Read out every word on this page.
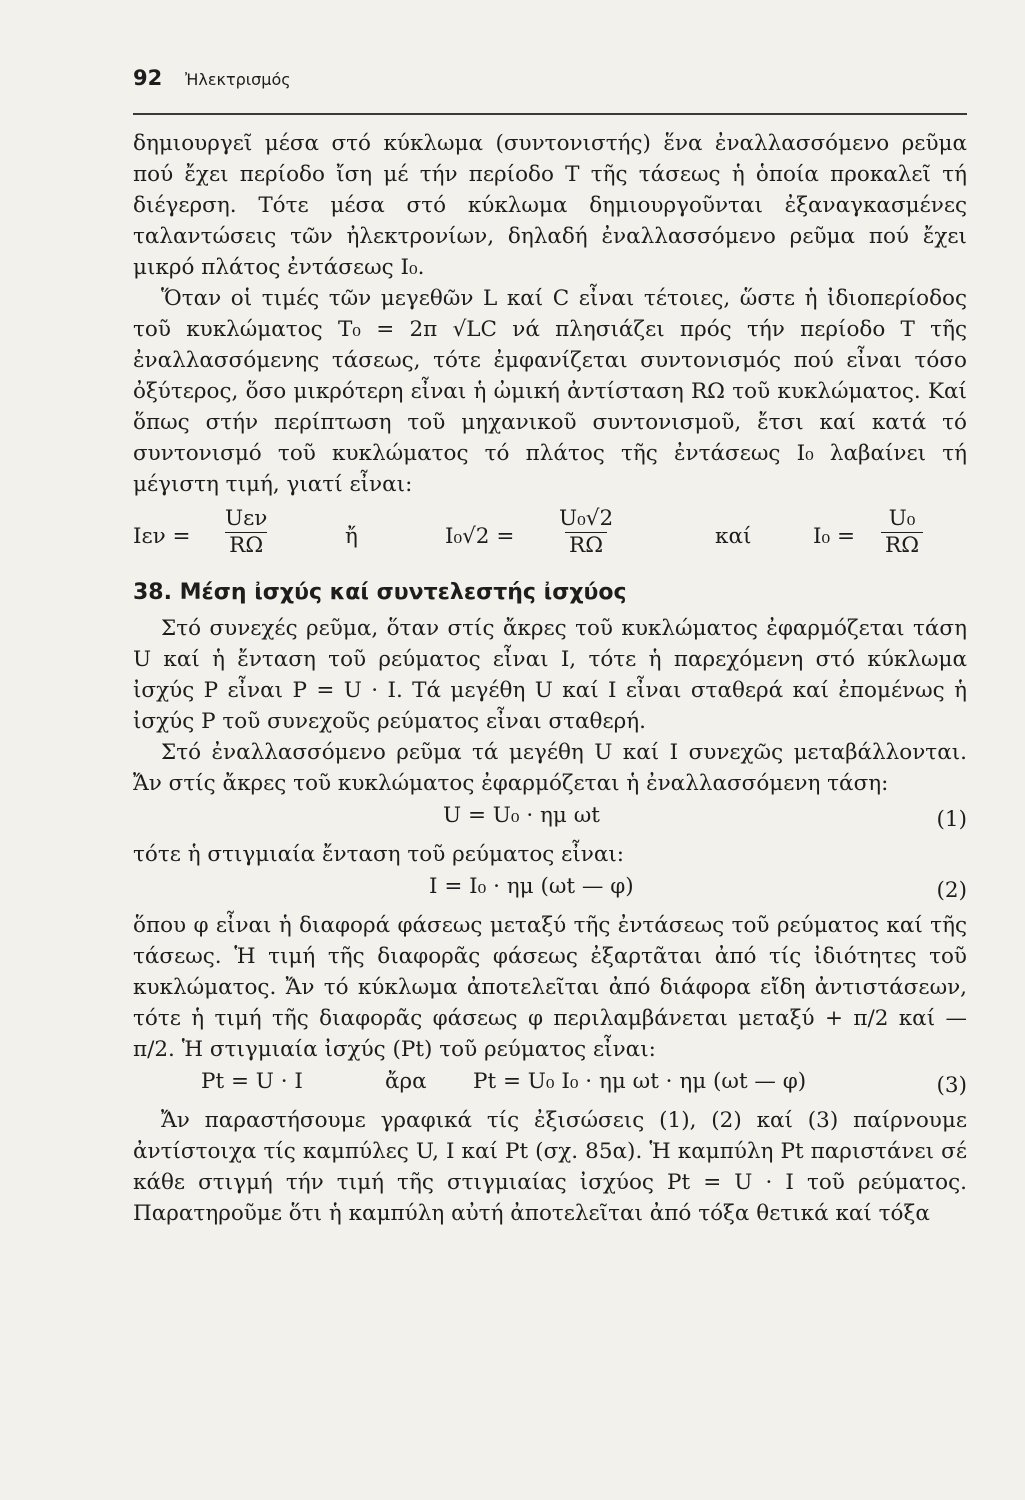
92 Ἠλεκτρισμός

δημιουργεῖ μέσα στό κύκλωμα (συντονιστής) ἕνα ἐναλλασσόμενο ρεῦμα πού ἔχει περίοδο ἴση μέ τήν περίοδο T τῆς τάσεως ἡ ὁποία προκαλεῖ τή διέγερση. Τότε μέσα στό κύκλωμα δημιουργοῦνται ἐξαναγκασμένες ταλαντώσεις τῶν ἠλεκτρονίων, δηλαδή ἐναλλασσόμενο ρεῦμα πού ἔχει μικρό πλάτος ἐντάσεως I₀.

Ὅταν οἱ τιμές τῶν μεγεθῶν L καί C εἶναι τέτοιες, ὥστε ἡ ἰδιοπερίοδος τοῦ κυκλώματος T₀ = 2π √LC νά πλησιάζει πρός τήν περίοδο T τῆς ἐναλλασσόμενης τάσεως, τότε ἐμφανίζεται συντονισμός πού εἶναι τόσο ὀξύτερος, ὅσο μικρότερη εἶναι ἡ ὠμική ἀντίσταση RΩ τοῦ κυκλώματος. Καί ὅπως στήν περίπτωση τοῦ μηχανικοῦ συντονισμοῦ, ἔτσι καί κατά τό συντονισμό τοῦ κυκλώματος τό πλάτος τῆς ἐντάσεως I₀ λαβαίνει τή μέγιστη τιμή, γιατί εἶναι:

$I\varepsilon\nu = \frac{\text{Uεν}}{R\Omega}$	ἤ	$I_0√2 = \frac{\text{U₀√2}}{R\Omega}$	καί	$I_0 = \frac{\text{U₀}}{R\Omega}$
38. Μέση ἰσχύς καί συντελεστής ἰσχύος

Στό συνεχές ρεῦμα, ὅταν στίς ἄκρες τοῦ κυκλώματος ἐφαρμόζεται τάση U καί ἡ ἔνταση τοῦ ρεύματος εἶναι I, τότε ἡ παρεχόμενη στό κύκλωμα ἰσχύς P εἶναι P = U · I. Τά μεγέθη U καί I εἶναι σταθερά καί ἐπομένως ἡ ἰσχύς P τοῦ συνεχοῦς ρεύματος εἶναι σταθερή.

Στό ἐναλλασσόμενο ρεῦμα τά μεγέθη U καί I συνεχῶς μεταβάλλονται. Ἄν στίς ἄκρες τοῦ κυκλώματος ἐφαρμόζεται ἡ ἐναλλασσόμενη τάση:

U = U₀ · ημ ωt	(1)

τότε ἡ στιγμιαία ἔνταση τοῦ ρεύματος εἶναι:

I = I₀ · ημ (ωt — φ)	(2)

ὅπου φ εἶναι ἡ διαφορά φάσεως μεταξύ τῆς ἐντάσεως τοῦ ρεύματος καί τῆς τάσεως. Ἡ τιμή τῆς διαφορᾶς φάσεως ἐξαρτᾶται ἀπό τίς ἰδιότητες τοῦ κυκλώματος. Ἄν τό κύκλωμα ἀποτελεῖται ἀπό διάφορα εἴδη ἀντιστάσεων, τότε ἡ τιμή τῆς διαφορᾶς φάσεως φ περιλαμβάνεται μεταξύ + π/2 καί — π/2. Ἡ στιγμιαία ἰσχύς (Pt) τοῦ ρεύματος εἶναι:

Pt = U · I	ἄρα Pt = U₀ I₀ · ημ ωt · ημ (ωt — φ)	(3)

Ἄν παραστήσουμε γραφικά τίς ἐξισώσεις (1), (2) καί (3) παίρνουμε ἀντίστοιχα τίς καμπύλες U, I καί Pt (σχ. 85α). Ἡ καμπύλη Pt παριστάνει σέ κάθε στιγμή τήν τιμή τῆς στιγμιαίας ἰσχύος Pt = U · I τοῦ ρεύματος. Παρατηροῦμε ὅτι ἡ καμπύλη αὐτή ἀποτελεῖται ἀπό τόξα θετικά καί τόξα
